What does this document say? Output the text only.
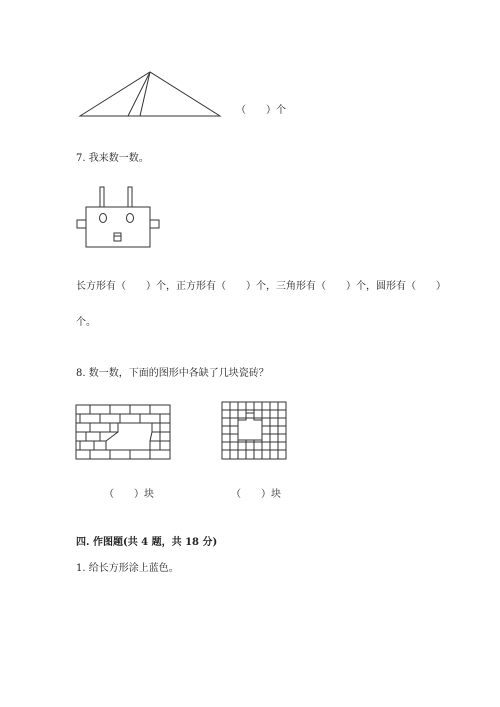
（　　）个
7. 我来数一数。
长方形有（　　）个，正方形有（　　）个，三角形有（　　）个，圆形有（　　）
个。
8. 数一数，下面的图形中各缺了几块瓷砖？
（　　）块	（　　）块
四. 作图题(共 4 题，共 18 分)
1. 给长方形涂上蓝色。
